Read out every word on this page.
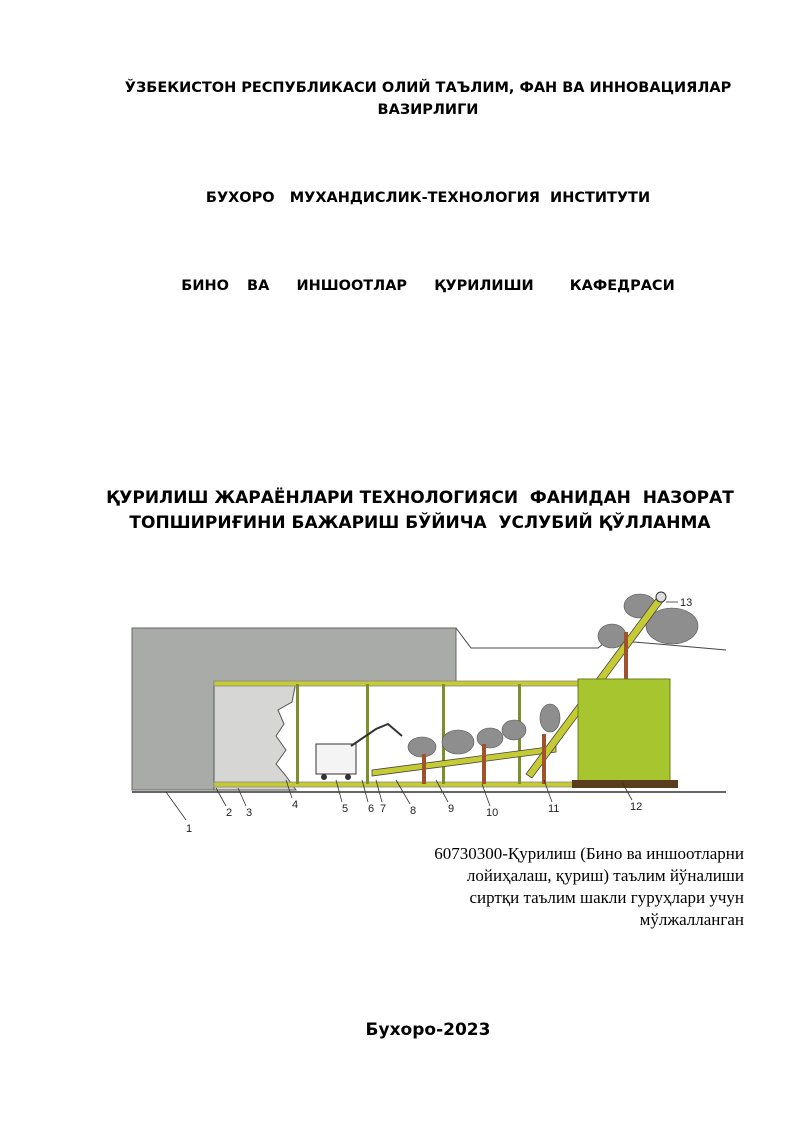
ЎЗБЕКИСТОН РЕСПУБЛИКАСИ ОЛИЙ ТАЪЛИМ, ФАН ВА ИННОВАЦИЯЛАР
ВАЗИРЛИГИ
БУХОРО   МУХАНДИСЛИК-ТЕХНОЛОГИЯ  ИНСТИТУТИ
БИНО  ВА   ИНШООТЛАР   ҚУРИЛИШИ    КАФЕДРАСИ
ҚУРИЛИШ ЖАРАЁНЛАРИ ТЕХНОЛОГИЯСИ  ФАНИДАН  НАЗОРАТ
ТОПШИРИҒИНИ БАЖАРИШ БЎЙИЧА  УСЛУБИЙ ҚЎЛЛАНМА
1
2 3
4	5 6 7 8	9	10	11	12
13
60730300-Қурилиш (Бино ва иншоотларни
лойиҳалаш, қуриш) таълим йўналиши
сиртқи таълим шакли гуруҳлари учун
мўлжалланган
Бухоро-2023
